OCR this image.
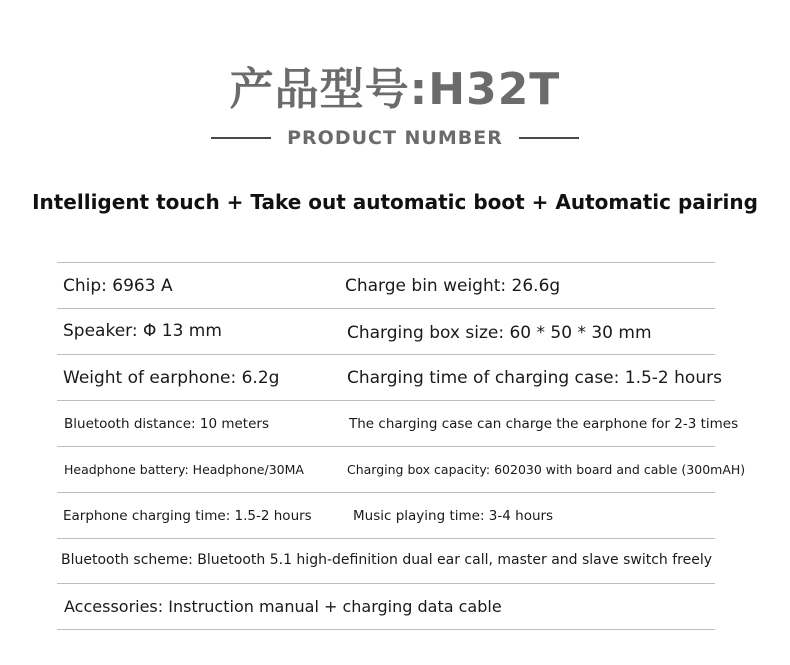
产品型号:H32T
PRODUCT NUMBER
Intelligent touch + Take out automatic boot + Automatic pairing
Chip: 6963 A	Charge bin weight: 26.6g
Speaker: Φ 13 mm	Charging box size: 60 * 50 * 30 mm
Weight of earphone: 6.2g	Charging time of charging case: 1.5-2 hours
Bluetooth distance: 10 meters	The charging case can charge the earphone for 2-3 times
Headphone battery: Headphone/30MA	Charging box capacity: 602030 with board and cable (300mAH)
Earphone charging time: 1.5-2 hours	Music playing time: 3-4 hours
Bluetooth scheme: Bluetooth 5.1 high-definition dual ear call, master and slave switch freely
Accessories: Instruction manual + charging data cable
